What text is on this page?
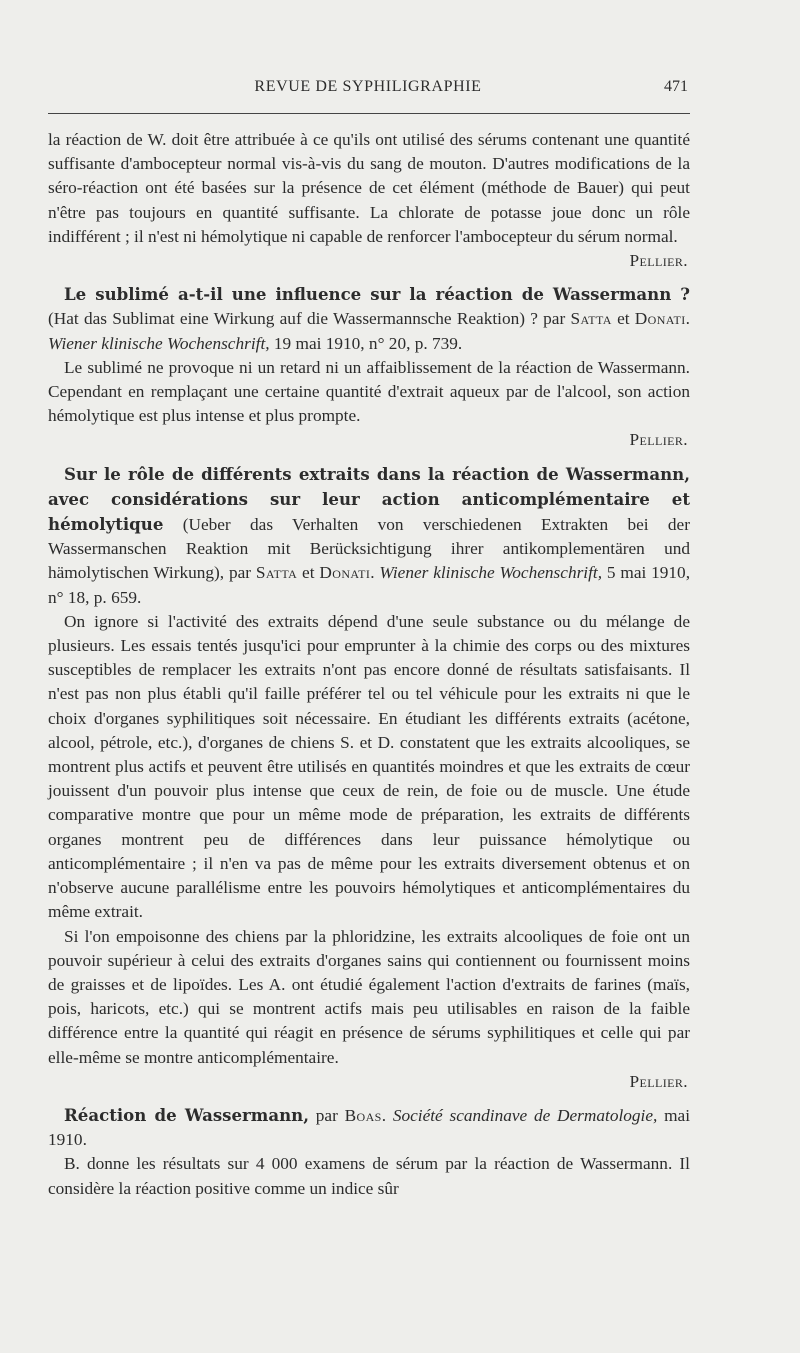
REVUE DE SYPHILIGRAPHIE	471

la réaction de W. doit être attribuée à ce qu'ils ont utilisé des sérums contenant une quantité suffisante d'ambocepteur normal vis-à-vis du sang de mouton. D'autres modifications de la séro-réaction ont été basées sur la présence de cet élément (méthode de Bauer) qui peut n'être pas toujours en quantité suffisante. La chlorate de potasse joue donc un rôle indifférent ; il n'est ni hémolytique ni capable de renforcer l'ambocepteur du sérum normal.

Pellier.

Le sublimé a-t-il une influence sur la réaction de Wassermann ? (Hat das Sublimat eine Wirkung auf die Wassermannsche Reaktion) ? par Satta et Donati. Wiener klinische Wochenschrift, 19 mai 1910, n° 20, p. 739.

Le sublimé ne provoque ni un retard ni un affaiblissement de la réaction de Wassermann. Cependant en remplaçant une certaine quantité d'extrait aqueux par de l'alcool, son action hémolytique est plus intense et plus prompte.

Pellier.

Sur le rôle de différents extraits dans la réaction de Wassermann, avec considérations sur leur action anticomplémentaire et hémolytique (Ueber das Verhalten von verschiedenen Extrakten bei der Wassermanschen Reaktion mit Berücksichtigung ihrer antikomplementären und hämolytischen Wirkung), par Satta et Donati. Wiener klinische Wochenschrift, 5 mai 1910, n° 18, p. 659.

On ignore si l'activité des extraits dépend d'une seule substance ou du mélange de plusieurs. Les essais tentés jusqu'ici pour emprunter à la chimie des corps ou des mixtures susceptibles de remplacer les extraits n'ont pas encore donné de résultats satisfaisants. Il n'est pas non plus établi qu'il faille préférer tel ou tel véhicule pour les extraits ni que le choix d'organes syphilitiques soit nécessaire. En étudiant les différents extraits (acétone, alcool, pétrole, etc.), d'organes de chiens S. et D. constatent que les extraits alcooliques, se montrent plus actifs et peuvent être utilisés en quantités moindres et que les extraits de cœur jouissent d'un pouvoir plus intense que ceux de rein, de foie ou de muscle. Une étude comparative montre que pour un même mode de préparation, les extraits de différents organes montrent peu de différences dans leur puissance hémolytique ou anticomplémentaire ; il n'en va pas de même pour les extraits diversement obtenus et on n'observe aucune parallélisme entre les pouvoirs hémolytiques et anticomplémentaires du même extrait.

Si l'on empoisonne des chiens par la phloridzine, les extraits alcooliques de foie ont un pouvoir supérieur à celui des extraits d'organes sains qui contiennent ou fournissent moins de graisses et de lipoïdes. Les A. ont étudié également l'action d'extraits de farines (maïs, pois, haricots, etc.) qui se montrent actifs mais peu utilisables en raison de la faible différence entre la quantité qui réagit en présence de sérums syphilitiques et celle qui par elle-même se montre anticomplémentaire.

Pellier.

Réaction de Wassermann, par Boas. Société scandinave de Dermatologie, mai 1910.

B. donne les résultats sur 4 000 examens de sérum par la réaction de Wassermann. Il considère la réaction positive comme un indice sûr
